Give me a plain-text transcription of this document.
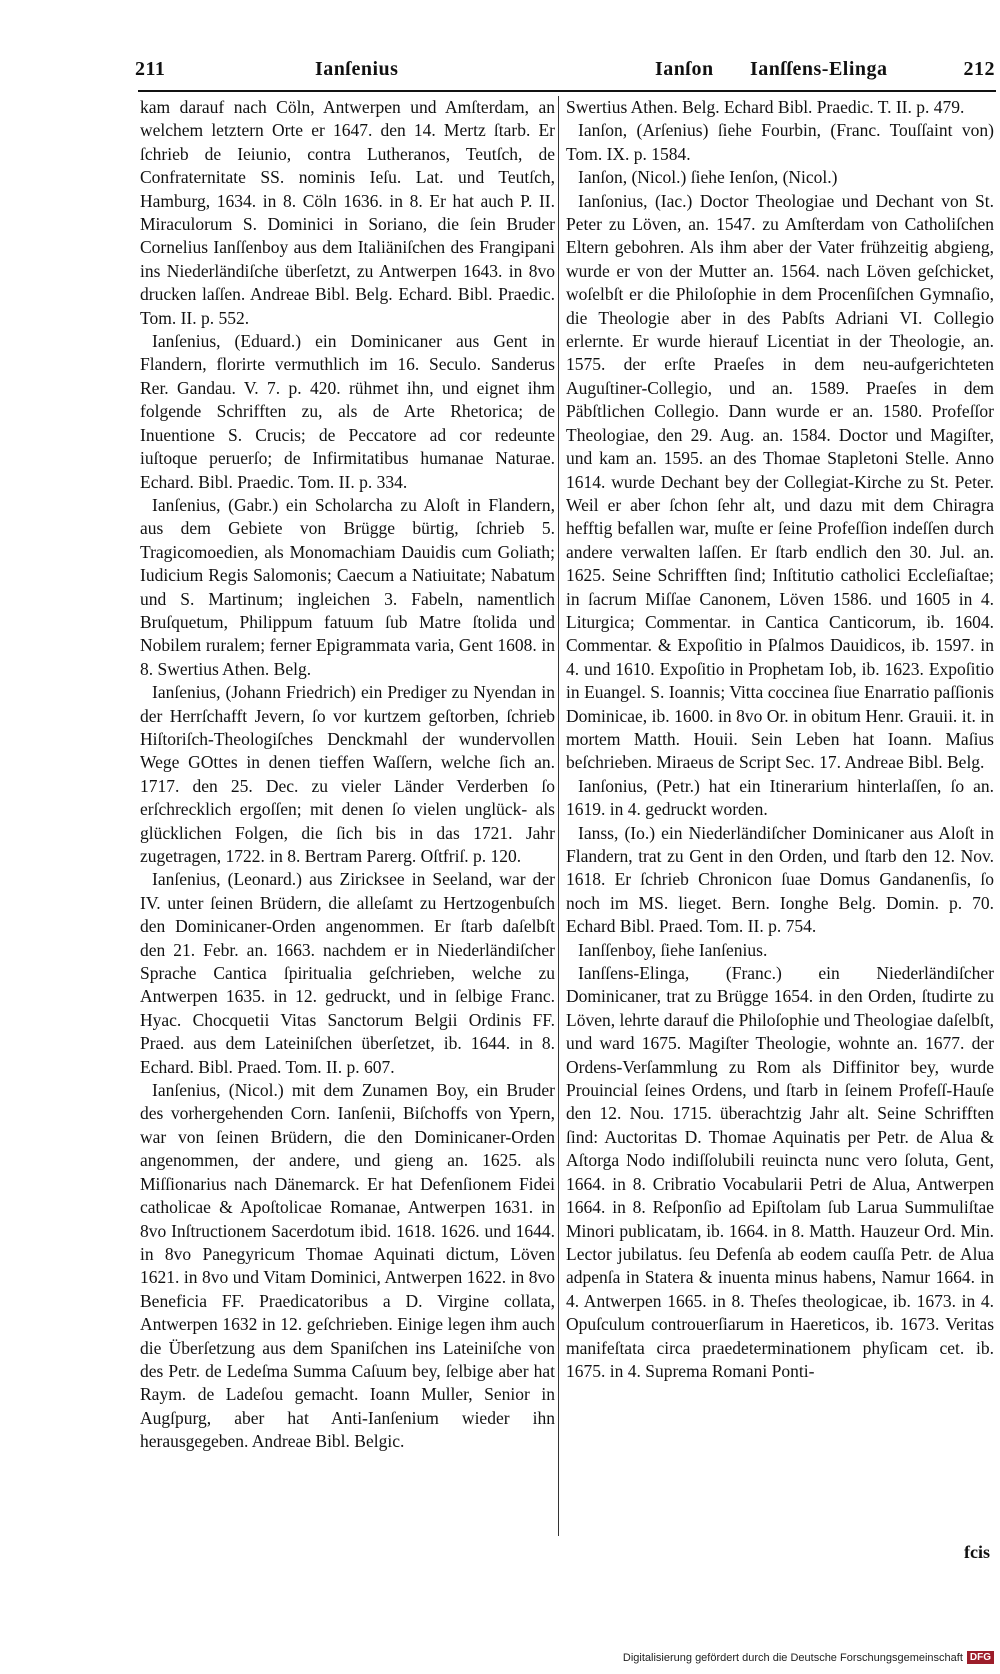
211	Ianſenius	Ianſon Ianſſens-Elinga	212

kam darauf nach Cöln, Antwerpen und Amſterdam, an welchem letztern Orte er 1647. den 14. Mertz ſtarb. Er ſchrieb de Ieiunio, contra Lutheranos, Teutſch, de Confraternitate SS. nominis Ieſu. Lat. und Teutſch, Hamburg, 1634. in 8. Cöln 1636. in 8. Er hat auch P. II. Miraculorum S. Dominici in Soriano, die ſein Bruder Cornelius Ianſſenboy aus dem Italiäniſchen des Frangipani ins Niederländiſche überſetzt, zu Antwerpen 1643. in 8vo drucken laſſen. Andreae Bibl. Belg. Echard. Bibl. Praedic. Tom. II. p. 552.

Ianſenius, (Eduard.) ein Dominicaner aus Gent in Flandern, florirte vermuthlich im 16. Seculo. Sanderus Rer. Gandau. V. 7. p. 420. rühmet ihn, und eignet ihm folgende Schrifften zu, als de Arte Rhetorica; de Inuentione S. Crucis; de Peccatore ad cor redeunte iuſtoque peruerſo; de Infirmitatibus humanae Naturae. Echard. Bibl. Praedic. Tom. II. p. 334.

Ianſenius, (Gabr.) ein Scholarcha zu Aloſt in Flandern, aus dem Gebiete von Brügge bürtig, ſchrieb 5. Tragicomoedien, als Monomachiam Dauidis cum Goliath; Iudicium Regis Salomonis; Caecum a Natiuitate; Nabatum und S. Martinum; ingleichen 3. Fabeln, namentlich Bruſquetum, Philippum fatuum ſub Matre ſtolida und Nobilem ruralem; ferner Epigrammata varia, Gent 1608. in 8. Swertius Athen. Belg.

Ianſenius, (Johann Friedrich) ein Prediger zu Nyendan in der Herrſchafft Jevern, ſo vor kurtzem geſtorben, ſchrieb Hiſtoriſch-Theologiſches Denckmahl der wundervollen Wege GOttes in denen tieffen Waſſern, welche ſich an. 1717. den 25. Dec. zu vieler Länder Verderben ſo erſchrecklich ergoſſen; mit denen ſo vielen unglück- als glücklichen Folgen, die ſich bis in das 1721. Jahr zugetragen, 1722. in 8. Bertram Parerg. Oſtfriſ. p. 120.

Ianſenius, (Leonard.) aus Ziricksee in Seeland, war der IV. unter ſeinen Brüdern, die alleſamt zu Hertzogenbuſch den Dominicaner-Orden angenommen. Er ſtarb daſelbſt den 21. Febr. an. 1663. nachdem er in Niederländiſcher Sprache Cantica ſpiritualia geſchrieben, welche zu Antwerpen 1635. in 12. gedruckt, und in ſelbige Franc. Hyac. Chocquetii Vitas Sanctorum Belgii Ordinis FF. Praed. aus dem Lateiniſchen überſetzet, ib. 1644. in 8. Echard. Bibl. Praed. Tom. II. p. 607.

Ianſenius, (Nicol.) mit dem Zunamen Boy, ein Bruder des vorhergehenden Corn. Ianſenii, Biſchoffs von Ypern, war von ſeinen Brüdern, die den Dominicaner-Orden angenommen, der andere, und gieng an. 1625. als Miſſionarius nach Dänemarck. Er hat Defenſionem Fidei catholicae & Apoſtolicae Romanae, Antwerpen 1631. in 8vo Inſtructionem Sacerdotum ibid. 1618. 1626. und 1644. in 8vo Panegyricum Thomae Aquinati dictum, Löven 1621. in 8vo und Vitam Dominici, Antwerpen 1622. in 8vo Beneficia FF. Praedicatoribus a D. Virgine collata, Antwerpen 1632 in 12. geſchrieben. Einige legen ihm auch die Überſetzung aus dem Spaniſchen ins Lateiniſche von des Petr. de Ledeſma Summa Caſuum bey, ſelbige aber hat Raym. de Ladeſou gemacht. Ioann Muller, Senior in Augſpurg, aber hat Anti-Ianſenium wieder ihn herausgegeben. Andreae Bibl. Belgic.

Swertius Athen. Belg. Echard Bibl. Praedic. T. II. p. 479.

Ianſon, (Arſenius) ſiehe Fourbin, (Franc. Touſſaint von) Tom. IX. p. 1584.

Ianſon, (Nicol.) ſiehe Ienſon, (Nicol.)

Ianſonius, (Iac.) Doctor Theologiae und Dechant von St. Peter zu Löven, an. 1547. zu Amſterdam von Catholiſchen Eltern gebohren. Als ihm aber der Vater frühzeitig abgieng, wurde er von der Mutter an. 1564. nach Löven geſchicket, woſelbſt er die Philoſophie in dem Procenſiſchen Gymnaſio, die Theologie aber in des Pabſts Adriani VI. Collegio erlernte. Er wurde hierauf Licentiat in der Theologie, an. 1575. der erſte Praeſes in dem neu-aufgerichteten Auguſtiner-Collegio, und an. 1589. Praeſes in dem Päbſtlichen Collegio. Dann wurde er an. 1580. Profeſſor Theologiae, den 29. Aug. an. 1584. Doctor und Magiſter, und kam an. 1595. an des Thomae Stapletoni Stelle. Anno 1614. wurde Dechant bey der Collegiat-Kirche zu St. Peter. Weil er aber ſchon ſehr alt, und dazu mit dem Chiragra hefftig befallen war, muſte er ſeine Profeſſion indeſſen durch andere verwalten laſſen. Er ſtarb endlich den 30. Jul. an. 1625. Seine Schrifften ſind; Inſtitutio catholici Eccleſiaſtae; in ſacrum Miſſae Canonem, Löven 1586. und 1605 in 4. Liturgica; Commentar. in Cantica Canticorum, ib. 1604. Commentar. & Expoſitio in Pſalmos Dauidicos, ib. 1597. in 4. und 1610. Expoſitio in Prophetam Iob, ib. 1623. Expoſitio in Euangel. S. Ioannis; Vitta coccinea ſiue Enarratio paſſionis Dominicae, ib. 1600. in 8vo Or. in obitum Henr. Grauii. it. in mortem Matth. Houii. Sein Leben hat Ioann. Maſius beſchrieben. Miraeus de Script Sec. 17. Andreae Bibl. Belg.

Ianſonius, (Petr.) hat ein Itinerarium hinterlaſſen, ſo an. 1619. in 4. gedruckt worden.

Ianss, (Io.) ein Niederländiſcher Dominicaner aus Aloſt in Flandern, trat zu Gent in den Orden, und ſtarb den 12. Nov. 1618. Er ſchrieb Chronicon ſuae Domus Gandanenſis, ſo noch im MS. lieget. Bern. Ionghe Belg. Domin. p. 70. Echard Bibl. Praed. Tom. II. p. 754.

Ianſſenboy, ſiehe Ianſenius.

Ianſſens-Elinga, (Franc.) ein Niederländiſcher Dominicaner, trat zu Brügge 1654. in den Orden, ſtudirte zu Löven, lehrte darauf die Philoſophie und Theologiae daſelbſt, und ward 1675. Magiſter Theologie, wohnte an. 1677. der Ordens-Verſammlung zu Rom als Diffinitor bey, wurde Prouincial ſeines Ordens, und ſtarb in ſeinem Profeſſ-Hauſe den 12. Nou. 1715. überachtzig Jahr alt. Seine Schrifften ſind: Auctoritas D. Thomae Aquinatis per Petr. de Alua & Aſtorga Nodo indiſſolubili reuincta nunc vero ſoluta, Gent, 1664. in 8. Cribratio Vocabularii Petri de Alua, Antwerpen 1664. in 8. Reſponſio ad Epiſtolam ſub Larua Summuliſtae Minori publicatam, ib. 1664. in 8. Matth. Hauzeur Ord. Min. Lector jubilatus. ſeu Defenſa ab eodem cauſſa Petr. de Alua adpenſa in Statera & inuenta minus habens, Namur 1664. in 4. Antwerpen 1665. in 8. Theſes theologicae, ib. 1673. in 4. Opuſculum controuerſiarum in Haereticos, ib. 1673. Veritas manifeſtata circa praedeterminationem phyſicam cet. ib. 1675. in 4. Suprema Romani Ponti-

fcis
Digitalisierung gefördert durch die Deutsche Forschungsgemeinschaft DFG
